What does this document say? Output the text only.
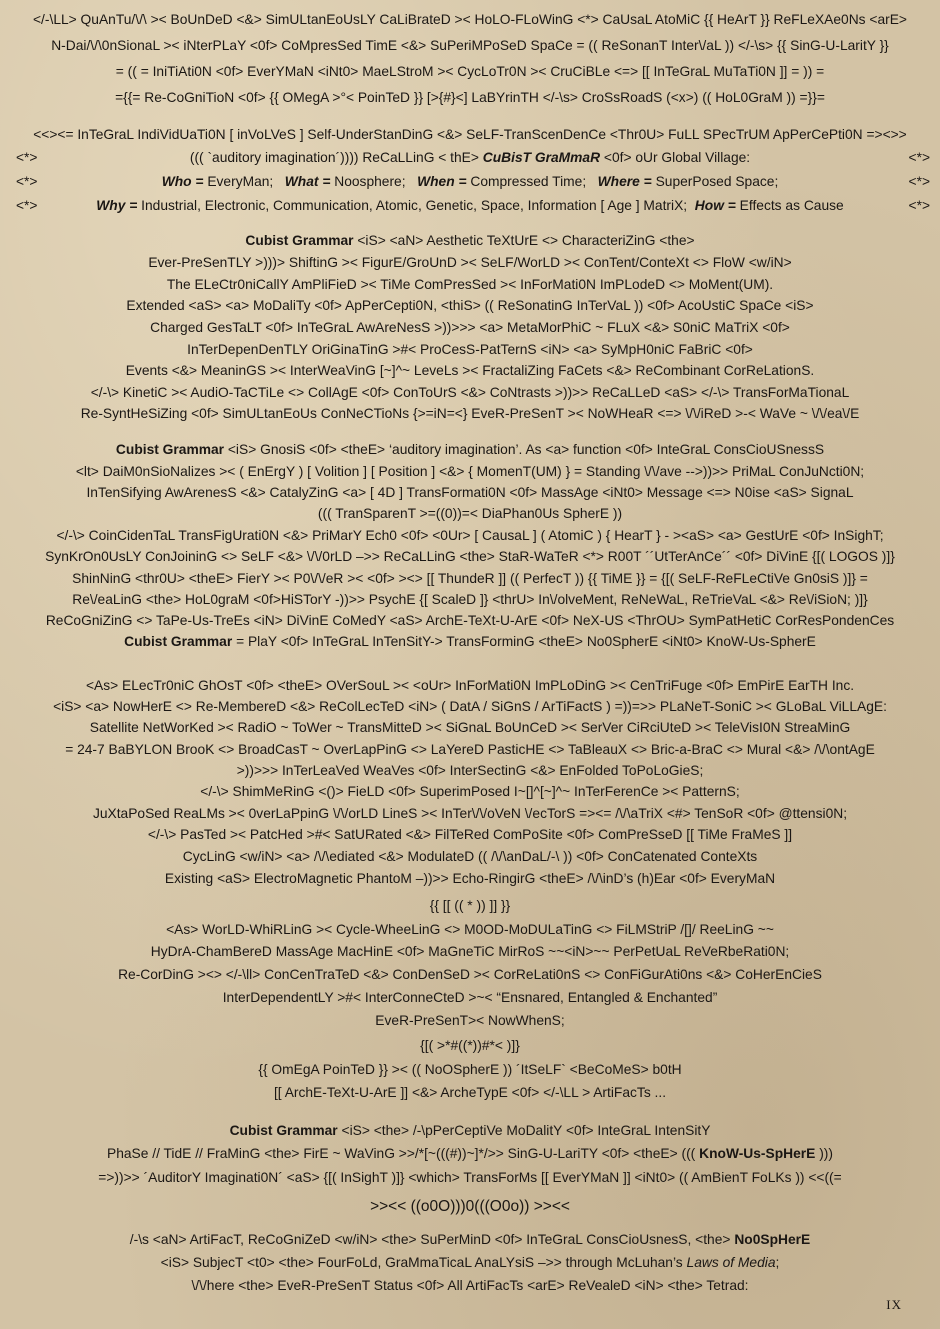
</-\LL> QuAnTu/\/\ >< BoUnDeD <&> SimULtanEoUsLY CaLiBrateD >< HoLO-FLoWinG <*> CaUsaL AtoMiC {{ HeArT }} ReFLeXAe0Ns <arE>
N-Dai/\/\0nSionaL >< iNterPLaY <0f> CoMpresSed TimE <&> SuPeriMPoSeD SpaCe = (( ReSonanT Inter\/aL )) </-\s> {{ SinG-U-LaritY }}
= (( = IniTiAti0N <0f> EverYMaN <iNt0> MaeLStroM >< CycLoTr0N >< CruCiBLe <=> [[ InTeGraL MuTaTi0N ]] = )) =
={{= Re-CoGniTioN <0f> {{ OMegA >°< PoinTeD }} [>{#}<] LaBYrinTH </-\s> CroSsRoadS (<x>) (( HoL0GraM )) =}}=
<<><= InTeGraL IndiVidUaTi0N [ inVoLVeS ] Self-UnderStanDinG <&> SeLF-TranScenDenCe <Thr0U> FuLL SPecTrUM ApPerCePti0N =><>>
<*>	((( `auditory imagination´)))) ReCaLLinG < thE> CuBisT GraMmaR <0f> oUr Global Village:	<*>
<*>	Who = EveryMan; What = Noosphere; When = Compressed Time; Where = SuperPosed Space;	<*>
<*>	Why = Industrial, Electronic, Communication, Atomic, Genetic, Space, Information [ Age ] MatriX; How = Effects as Cause	<*>
Cubist Grammar <iS> <aN> Aesthetic TeXtUrE <> CharacteriZinG <the>
Ever-PreSenTLY >)))> ShiftinG >< FigurE/GroUnD >< SeLF/WorLD >< ConTent/ConteXt <> FloW <w/iN>
The ELeCtr0niCallY AmPliFieD >< TiMe ComPresSed >< InForMati0N ImPLodeD <> MoMent(UM).
Extended <aS> <a> MoDaliTy <0f> ApPerCepti0N, <thiS> (( ReSonatinG InTerVaL )) <0f> AcoUstiC SpaCe <iS>
Charged GesTaLT <0f> InTeGraL AwAreNesS >))>>> <a> MetaMorPhiC ~ FLuX <&> S0niC MaTriX <0f>
InTerDepenDenTLY OriGinaTinG >#< ProCesS-PatTernS <iN> <a> SyMpH0niC FaBriC <0f>
Events <&> MeaninGS >< InterWeaVinG [~]^~ LeveLs >< FractaliZing FaCets <&> ReCombinant CorReLationS.
</-\> KinetiC >< AudiO-TaCTiLe <> CollAgE <0f> ConToUrS <&> CoNtrasts >))>> ReCaLLeD <aS> </-\> TransForMaTionaL
Re-SyntHeSiZing <0f> SimULtanEoUs ConNeCTioNs {>=iN=<} EveR-PreSenT >< NoWHeaR <=> \/\/iReD >-< WaVe ~ \/\/ea\/E
Cubist Grammar <iS> GnosiS <0f> <theE> ‘auditory imagination’. As <a> function <0f> InteGraL ConsCioUSnessS
<lt> DaiM0nSioNalizes >< ( EnErgY ) [ Volition ] [ Position ] <&> { MomenT(UM) } = Standing \/\/ave -->))>> PriMaL ConJuNcti0N;
InTenSifying AwArenesS <&> CatalyZinG <a> [ 4D ] TransFormati0N <0f> MassAge <iNt0> Message <=> N0ise <aS> SignaL
((( TranSparenT >=((0))=< DiaPhan0Us SpherE ))
</-\> CoinCidenTaL TransFigUrati0N <&> PriMarY Ech0 <0f> <0Ur> [ CausaL ] ( AtomiC ) { HearT } - ><aS> <a> GestUrE <0f> InSighT;
SynKrOn0UsLY ConJoininG <> SeLF <&> \/\/0rLD –>> ReCaLLinG <the> StaR-WaTeR <*> R00T ´´UtTerAnCe´´ <0f> DiVinE {[( LOGOS )]}
ShinNinG <thr0U> <theE> FierY >< P0\/\/eR >< <0f> ><> [[ ThundeR ]] (( PerfecT )) {{ TiME }} = {[( SeLF-ReFLeCtiVe Gn0siS )]} =
Re\/eaLinG <the> HoL0graM <0f>HiSTorY -))>> PsychE {[ ScaleD ]} <thrU> In\/olveMent, ReNeWaL, ReTrieVaL <&> Re\/iSioN; )]}
ReCoGniZinG <> TaPe-Us-TreEs <iN> DiVinE CoMedY <aS> ArchE-TeXt-U-ArE <0f> NeX-US <ThrOU> SymPatHetiC CorResPondenCes
Cubist Grammar = PlaY <0f> InTeGraL InTenSitY-> TransForminG <theE> No0SpherE <iNt0> KnoW-Us-SpherE
<As> ELecTr0niC GhOsT <0f> <theE> OVerSouL >< <oUr> InForMati0N ImPLoDinG >< CenTriFuge <0f> EmPirE EarTH Inc.
<iS> <a> NowHerE <> Re-MembereD <&> ReColLecTeD <iN> ( DatA / SiGnS / ArTiFactS ) =))=>> PLaNeT-SoniC >< GLoBaL ViLLAgE:
Satellite NetWorKed >< RadiO ~ ToWer ~ TransMitteD >< SiGnaL BoUnCeD >< SerVer CiRciUteD >< TeleVisI0N StreaMinG
= 24-7 BaBYLON BrooK <> BroadCasT ~ OverLapPinG <> LaYereD PasticHE <> TaBleauX <> Bric-a-BraC <> Mural <&> /\/\ontAgE
>))>>> InTerLeaVed WeaVes <0f> InterSectinG <&> EnFolded ToPoLoGieS;
</-\> ShimMeRinG <()> FieLD <0f> SuperimPosed I~[]^[~]^~ InTerFerenCe >< PatternS;
JuXtaPoSed ReaLMs >< 0verLaPpinG \/\/orLD LineS >< InTer\/\/oVeN \/ecTorS =><= /\/\aTriX <#> TenSoR <0f> @ttensi0N;
</-\> PasTed >< PatcHed >#< SatURated <&> FilTeRed ComPoSite <0f> ComPreSseD [[ TiMe FraMeS ]]
CycLinG <w/iN> <a> /\/\ediated <&> ModulateD (( /\/\anDaL/-\ )) <0f> ConCatenated ConteXts
Existing <aS> ElectroMagnetic PhantoM –))>> Echo-RingirG <theE> /\/\inD’s (h)Ear <0f> EveryMaN
{{ [[ (( * )) ]] }}
<As> WorLD-WhiRLinG >< Cycle-WheeLinG <> M0OD-MoDULaTinG <> FiLMStriP /[]/ ReeLinG ~~
HyDrA-ChamBereD MassAge MacHinE <0f> MaGneTiC MirRoS ~~<iN>~~ PerPetUaL ReVeRbeRati0N;
Re-CorDinG ><> </-\ll> ConCenTraTeD <&> ConDenSeD >< CorReLati0nS <> ConFiGurAti0ns <&> CoHerEnCieS
InterDependentLY >#< InterConneCteD >~< “Ensnared, Entangled & Enchanted”
EveR-PreSenT>< NowWhenS;
{[( >*#((*))#*< )]}
{{ OmEgA PoinTeD }} >< (( NoOSpherE )) ´ItSeLF` <BeCoMeS> b0tH
[[ ArchE-TeXt-U-ArE ]] <&> ArcheTypE <0f> </-\LL > ArtiFacTs ...
Cubist Grammar <iS> <the> /-\pPerCeptiVe MoDalitY <0f> InteGraL IntenSitY
PhaSe // TidE // FraMinG <the> FirE ~ WaVinG >>/*[~(((#))~]*/>> SinG-U-LariTY <0f> <theE> ((( KnoW-Us-SpHerE )))
=>))>> ´AuditorY Imaginati0N´ <aS> {[( InSighT )]} <which> TransForMs [[ EverYMaN ]] <iNt0> (( AmBienT FoLKs )) <<((=
>><< ((o0O)))0(((O0o)) >><<
/-\s <aN> ArtiFacT, ReCoGniZeD <w/iN> <the> SuPerMinD <0f> InTeGraL ConsCioUsnesS, <the> No0SpHerE
<iS> SubjecT <t0> <the> FourFoLd, GraMmaTicaL AnaLYsiS –>> through McLuhan’s Laws of Media;
\/\/here <the> EveR-PreSenT Status <0f> All ArtiFacTs <arE> ReVealeD <iN> <the> Tetrad:
IX
